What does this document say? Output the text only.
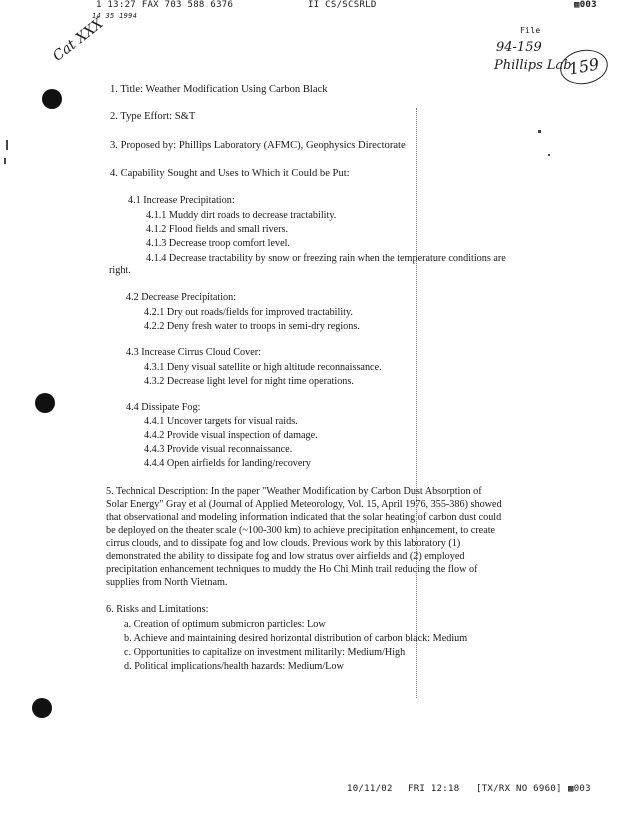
1 13:27 FAX 703 588 6376	II CS/SCSRLD	▩003
14 35 1994
Cat XXX	File
94-159
Phillips Lab
159
1. Title: Weather Modification Using Carbon Black
2. Type Effort: S&T
3. Proposed by: Phillips Laboratory (AFMC), Geophysics Directorate
4. Capability Sought and Uses to Which it Could be Put:
4.1 Increase Precipitation:
4.1.1 Muddy dirt roads to decrease tractability.
4.1.2 Flood fields and small rivers.
4.1.3 Decrease troop comfort level.
4.1.4 Decrease tractability by snow or freezing rain when the temperature conditions are
right.
4.2 Decrease Precipitation:
4.2.1 Dry out roads/fields for improved tractability.
4.2.2 Deny fresh water to troops in semi-dry regions.
4.3 Increase Cirrus Cloud Cover:
4.3.1 Deny visual satellite or high altitude reconnaissance.
4.3.2 Decrease light level for night time operations.
4.4 Dissipate Fog:
4.4.1 Uncover targets for visual raids.
4.4.2 Provide visual inspection of damage.
4.4.3 Provide visual reconnaissance.
4.4.4 Open airfields for landing/recovery
5. Technical Description: In the paper "Weather Modification by Carbon Dust Absorption of
Solar Energy" Gray et al (Journal of Applied Meteorology, Vol. 15, April 1976, 355-386) showed
that observational and modeling information indicated that the solar heating of carbon dust could
be deployed on the theater scale (~100-300 km) to achieve precipitation enhancement, to create
cirrus clouds, and to dissipate fog and low clouds. Previous work by this laboratory (1)
demonstrated the ability to dissipate fog and low stratus over airfields and (2) employed
precipitation enhancement techniques to muddy the Ho Chi Minh trail reducing the flow of
supplies from North Vietnam.
6. Risks and Limitations:
a. Creation of optimum submicron particles: Low
b. Achieve and maintaining desired horizontal distribution of carbon black: Medium
c. Opportunities to capitalize on investment militarily: Medium/High
d. Political implications/health hazards: Medium/Low
10/11/02 FRI 12:18 [TX/RX NO 6960] ▩003
